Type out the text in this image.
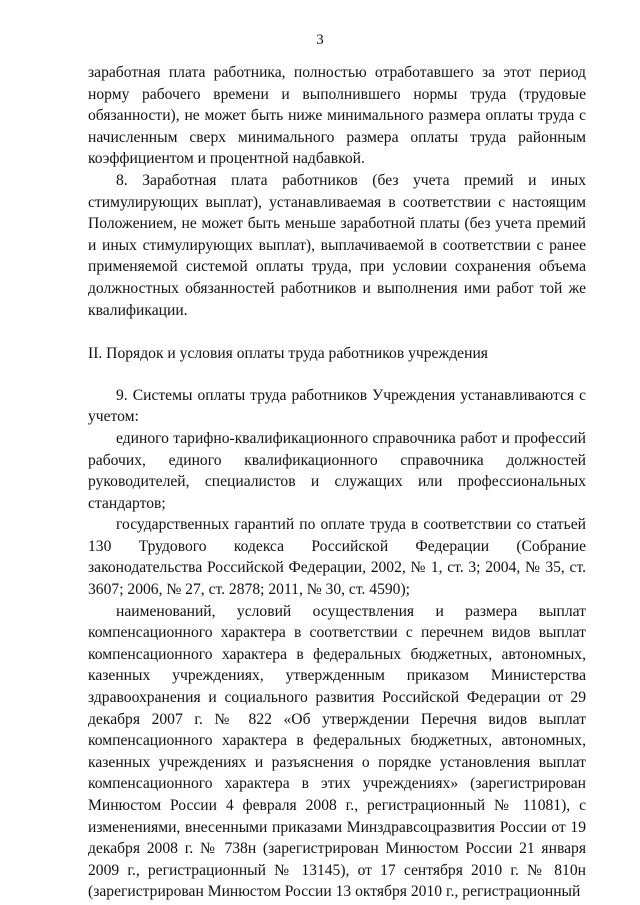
3

заработная плата работника, полностью отработавшего за этот период норму рабочего времени и выполнившего нормы труда (трудовые обязанности), не может быть ниже минимального размера оплаты труда с начисленным сверх минимального размера оплаты труда районным коэффициентом и процентной надбавкой.

8. Заработная плата работников (без учета премий и иных стимулирующих выплат), устанавливаемая в соответствии с настоящим Положением, не может быть меньше заработной платы (без учета премий и иных стимулирующих выплат), выплачиваемой в соответствии с ранее применяемой системой оплаты труда, при условии сохранения объема должностных обязанностей работников и выполнения ими работ той же квалификации.

II. Порядок и условия оплаты труда работников учреждения

9. Системы оплаты труда работников Учреждения устанавливаются с учетом:

единого тарифно-квалификационного справочника работ и профессий рабочих, единого квалификационного справочника должностей руководителей, специалистов и служащих или профессиональных стандартов;

государственных гарантий по оплате труда в соответствии со статьей 130 Трудового кодекса Российской Федерации (Собрание законодательства Российской Федерации, 2002, № 1, ст. 3; 2004, № 35, ст. 3607; 2006, № 27, ст. 2878; 2011, № 30, ст. 4590);

наименований, условий осуществления и размера выплат компенсационного характера в соответствии с перечнем видов выплат компенсационного характера в федеральных бюджетных, автономных, казенных учреждениях, утвержденным приказом Министерства здравоохранения и социального развития Российской Федерации от 29 декабря 2007 г. № 822 «Об утверждении Перечня видов выплат компенсационного характера в федеральных бюджетных, автономных, казенных учреждениях и разъяснения о порядке установления выплат компенсационного характера в этих учреждениях» (зарегистрирован Минюстом России 4 февраля 2008 г., регистрационный № 11081), с изменениями, внесенными приказами Минздравсоцразвития России от 19 декабря 2008 г. № 738н (зарегистрирован Минюстом России 21 января 2009 г., регистрационный № 13145), от 17 сентября 2010 г. № 810н (зарегистрирован Минюстом России 13 октября 2010 г., регистрационный
